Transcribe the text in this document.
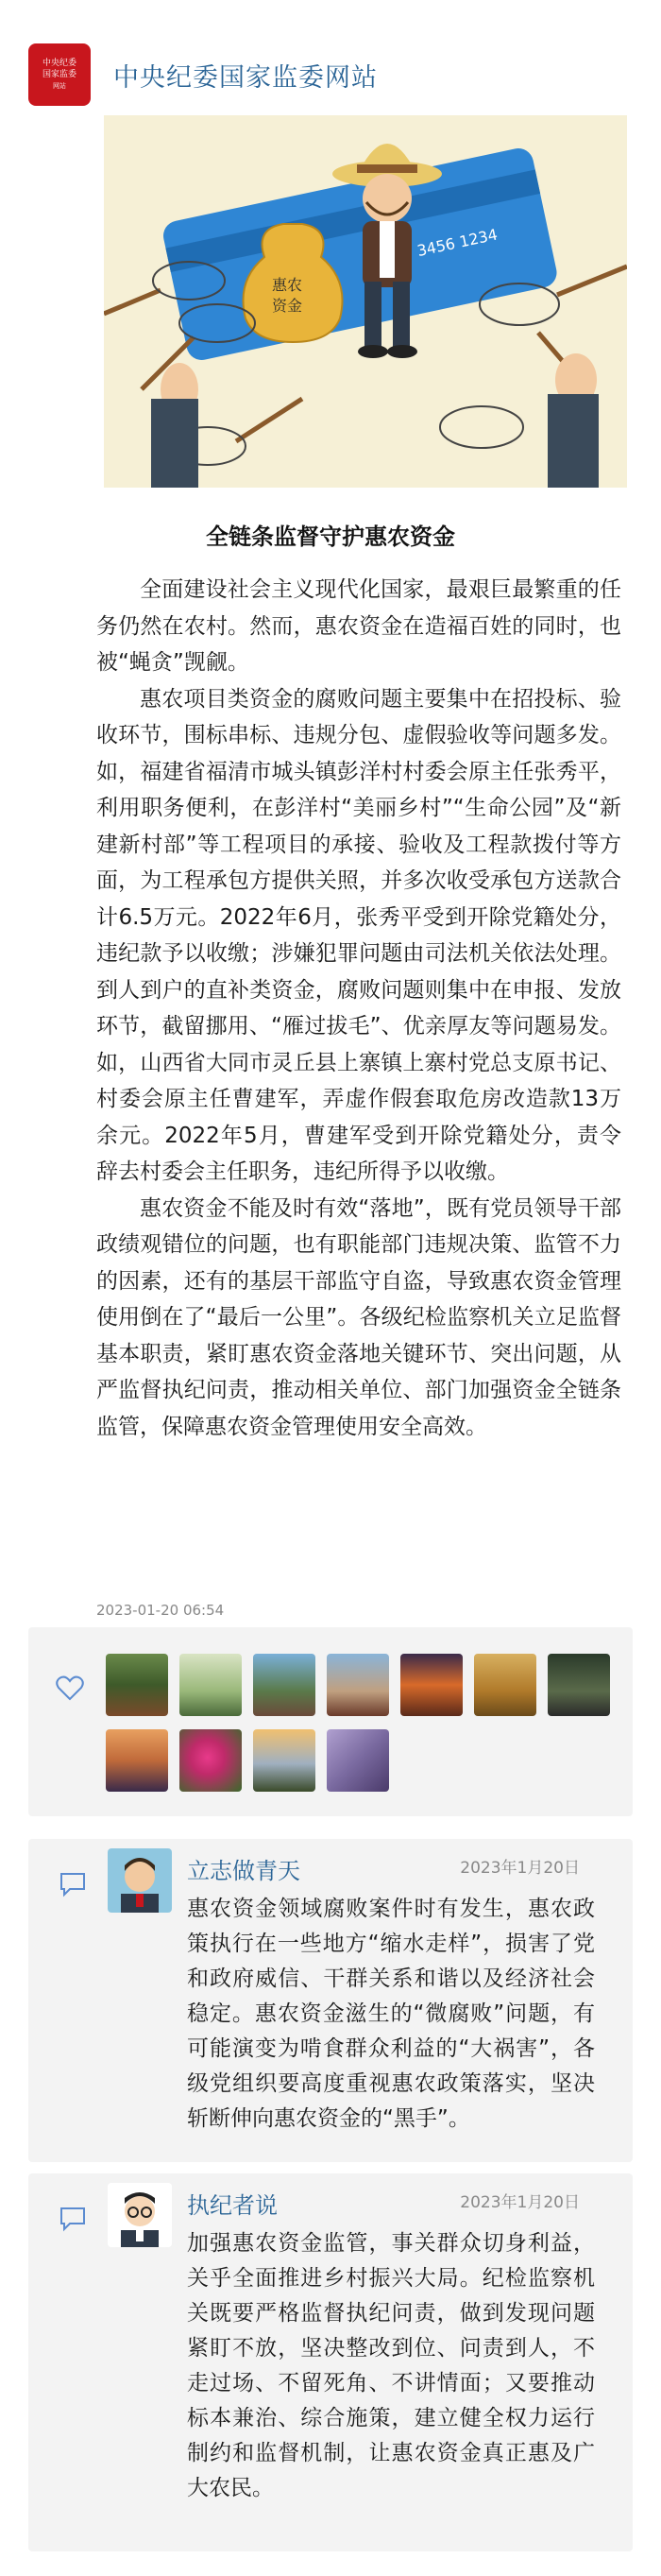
中央纪委
国家监委
网站 中央纪委国家监委网站
3456 1234
惠农
资金
全链条监督守护惠农资金

全面建设社会主义现代化国家，最艰巨最繁重的任务仍然在农村。然而，惠农资金在造福百姓的同时，也被“蝇贪”觊觎。

惠农项目类资金的腐败问题主要集中在招投标、验收环节，围标串标、违规分包、虚假验收等问题多发。如，福建省福清市城头镇彭洋村村委会原主任张秀平，利用职务便利，在彭洋村“美丽乡村”“生命公园”及“新建新村部”等工程项目的承接、验收及工程款拨付等方面，为工程承包方提供关照，并多次收受承包方送款合计6.5万元。2022年6月，张秀平受到开除党籍处分，违纪款予以收缴；涉嫌犯罪问题由司法机关依法处理。到人到户的直补类资金，腐败问题则集中在申报、发放环节，截留挪用、“雁过拔毛”、优亲厚友等问题易发。如，山西省大同市灵丘县上寨镇上寨村党总支原书记、村委会原主任曹建军，弄虚作假套取危房改造款13万余元。2022年5月，曹建军受到开除党籍处分，责令辞去村委会主任职务，违纪所得予以收缴。

惠农资金不能及时有效“落地”，既有党员领导干部政绩观错位的问题，也有职能部门违规决策、监管不力的因素，还有的基层干部监守自盗，导致惠农资金管理使用倒在了“最后一公里”。各级纪检监察机关立足监督基本职责，紧盯惠农资金落地关键环节、突出问题，从严监督执纪问责，推动相关单位、部门加强资金全链条监管，保障惠农资金管理使用安全高效。

2023-01-20 06:54
立志做青天	2023年1月20日
惠农资金领域腐败案件时有发生，惠农政策执行在一些地方“缩水走样”，损害了党和政府威信、干群关系和谐以及经济社会稳定。惠农资金滋生的“微腐败”问题，有可能演变为啃食群众利益的“大祸害”，各级党组织要高度重视惠农政策落实，坚决斩断伸向惠农资金的“黑手”。
执纪者说	2023年1月20日
加强惠农资金监管，事关群众切身利益，关乎全面推进乡村振兴大局。纪检监察机关既要严格监督执纪问责，做到发现问题紧盯不放，坚决整改到位、问责到人，不走过场、不留死角、不讲情面；又要推动标本兼治、综合施策，建立健全权力运行制约和监督机制，让惠农资金真正惠及广大农民。
